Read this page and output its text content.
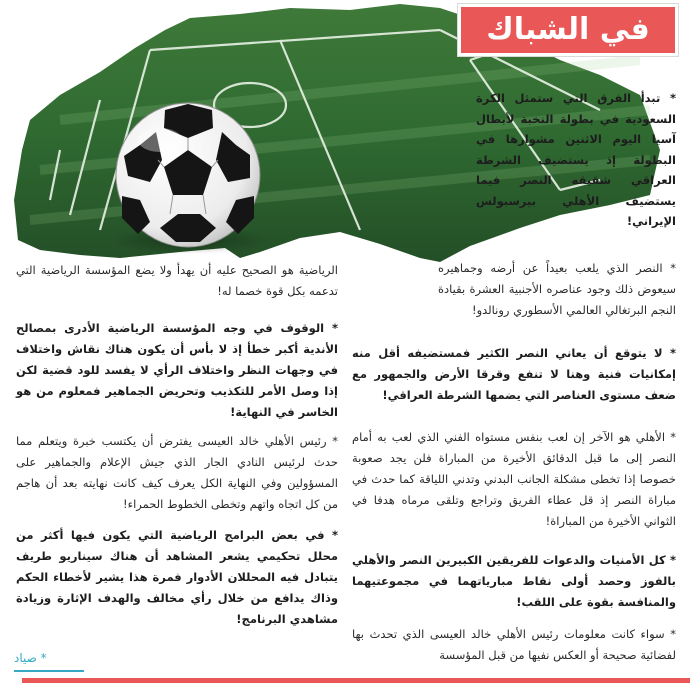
في الشباك

* تبدأ الفرق التي ستمثل الكرة السعودية في بطولة النخبة لأبطال آسيا اليوم الاثنين مشوارها في البطولة إذ يستضيف الشرطة العراقي شقيقه النصر فيما يستضيف الأهلي بيرسبولس الإيراني!

* النصر الذي يلعب بعيداً عن أرضه وجماهيره سيعوض ذلك وجود عناصره الأجنبية العشرة بقيادة النجم البرتغالي العالمي الأسطوري رونالدو!

* لا يتوقع أن يعاني النصر الكثير فمستضيفه أقل منه إمكانيات فنية وهنا لا تنفع وقرقا الأرض والجمهور مع ضعف مستوى العناصر التي يضمها الشرطة العراقي!

* الأهلي هو الآخر إن لعب بنفس مستواه الفني الذي لعب به أمام النصر إلى ما قبل الدقائق الأخيرة من المباراة فلن يجد صعوبة خصوصا إذا تخطى مشكلة الجانب البدني وتدني اللياقة كما حدث في مباراة النصر إذ قل عطاء الفريق وتراجع وتلقى مرماه هدفا في الثواني الأخيرة من المباراة!

* كل الأمنيات والدعوات للفريقين الكبيرين النصر والأهلي بالفوز وحصد أولى نقاط مبارياتهما في مجموعتيهما والمنافسة بقوة على اللقب!

* سواء كانت معلومات رئيس الأهلي خالد العيسى الذي تحدث بها لفضائية صحيحة أو العكس نفيها من قبل المؤسسة

الرياضية هو الصحيح عليه أن يهدأ ولا يضع المؤسسة الرياضية التي تدعمه بكل قوة خصما له!

* الوقوف في وجه المؤسسة الرياضية الأدرى بمصالح الأندية أكبر خطأ إذ لا بأس أن يكون هناك نقاش واختلاف في وجهات النظر واختلاف الرأي لا يفسد للود قضية لكن إذا وصل الأمر للتكذيب وتحريض الجماهير فمعلوم من هو الخاسر في النهاية!

* رئيس الأهلي خالد العيسى يفترض أن يكتسب خبرة ويتعلم مما حدث لرئيس النادي الجار الذي جيش الإعلام والجماهير على المسؤولين وفي النهاية الكل يعرف كيف كانت نهايته بعد أن هاجم من كل اتجاه واتهم وتخطى الخطوط الحمراء!

* في بعض البرامج الرياضية التي يكون فيها أكثر من محلل تحكيمي يشعر المشاهد أن هناك سيناريو طريف يتبادل فيه المحللان الأدوار فمرة هذا يشير لأخطاء الحكم وذاك يدافع من خلال رأي مخالف والهدف الإثارة وزيادة مشاهدي البرنامج!

* صياد
